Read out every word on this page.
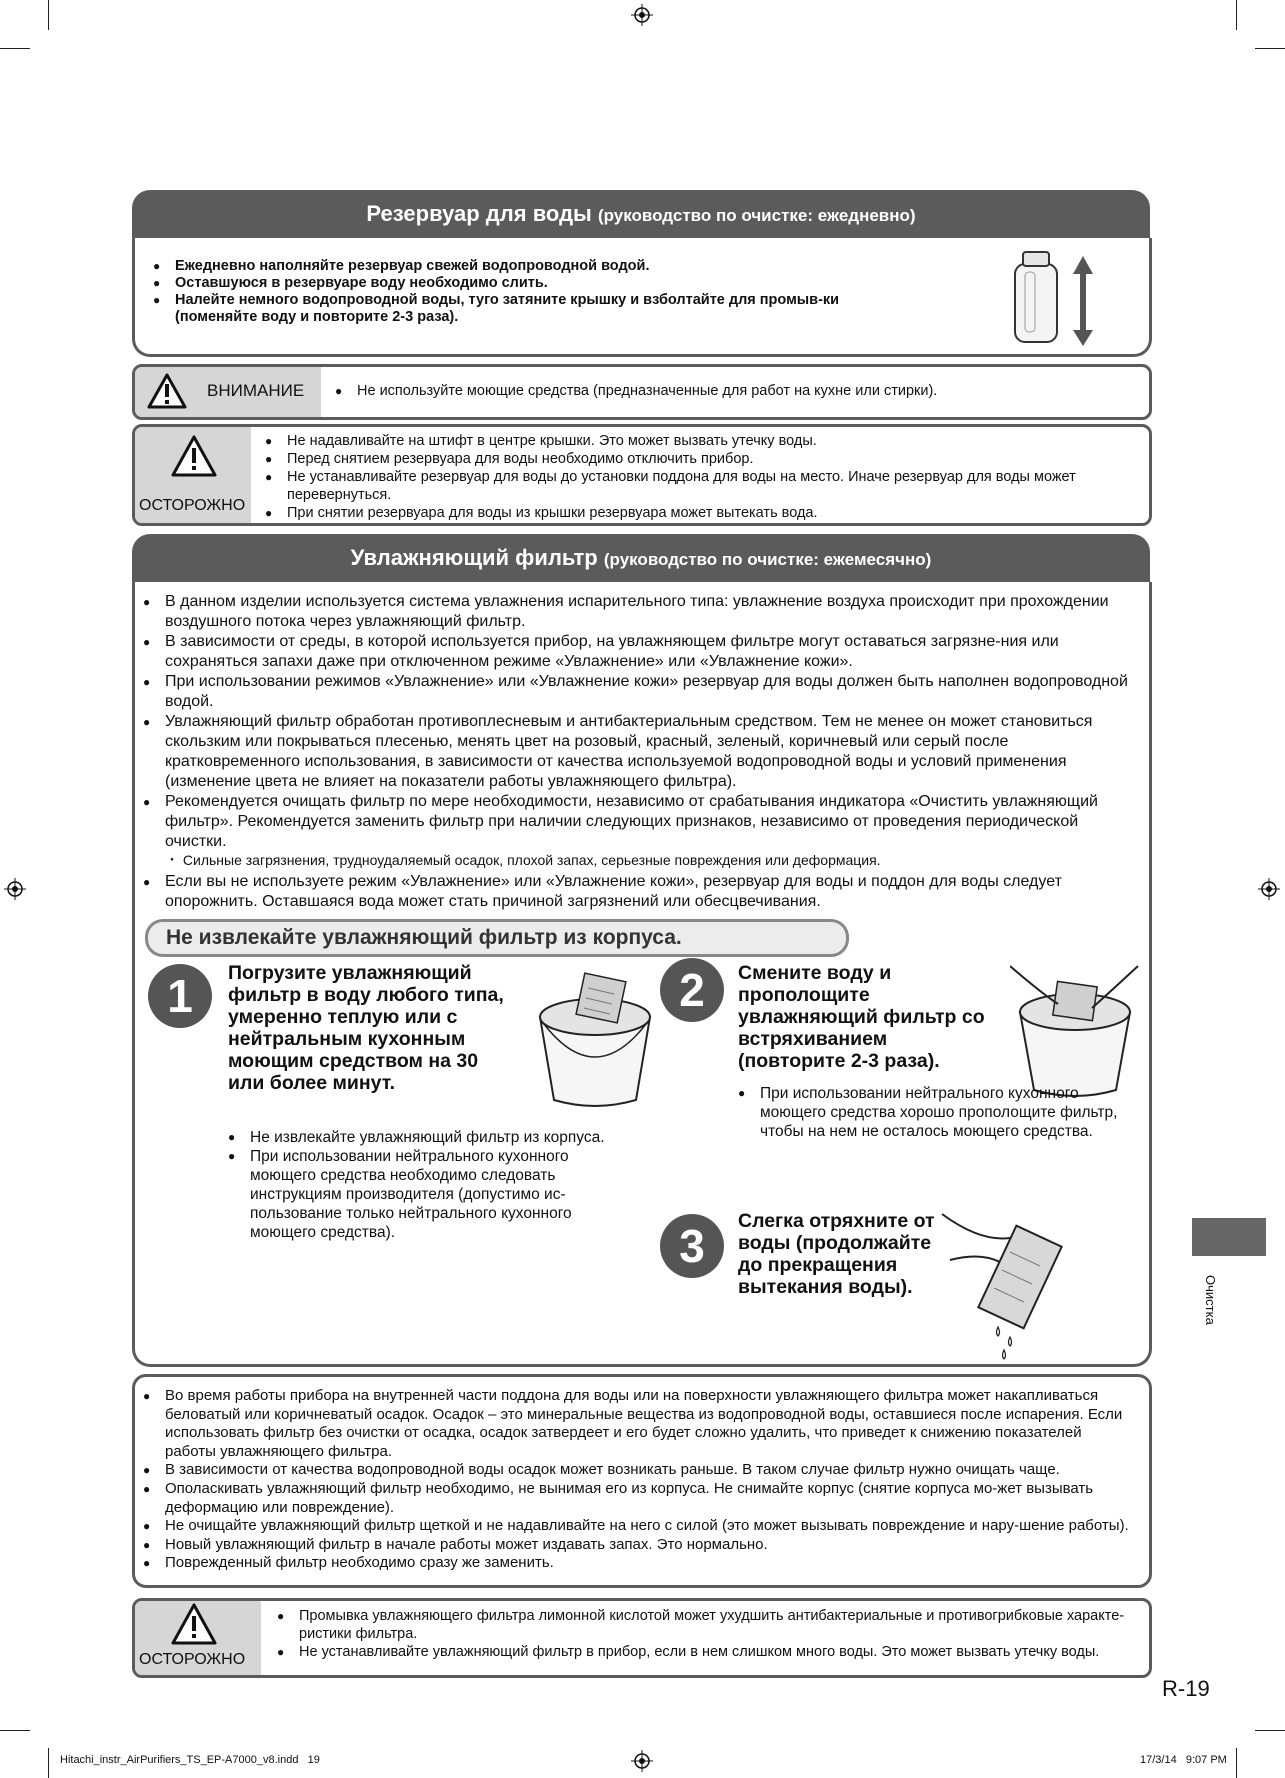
Резервуар для воды (руководство по очистке: ежедневно)
● Ежедневно наполняйте резервуар свежей водопроводной водой.
● Оставшуюся в резервуаре воду необходимо слить.
● Налейте немного водопроводной воды, туго затяните крышку и взболтайте для промыв-ки (поменяйте воду и повторите 2-3 раза).
ВНИМАНИЕ
●	Не используйте моющие средства (предназначенные для работ на кухне или стирки).
ОСТОРОЖНО
● Не надавливайте на штифт в центре крышки. Это может вызвать утечку воды.
● Перед снятием резервуара для воды необходимо отключить прибор.
● Не устанавливайте резервуар для воды до установки поддона для воды на место. Иначе резервуар для воды может перевернуться.
● При снятии резервуара для воды из крышки резервуара может вытекать вода.
Увлажняющий фильтр (руководство по очистке: ежемесячно)
● В данном изделии используется система увлажнения испарительного типа: увлажнение воздуха происходит при прохождении воздушного потока через увлажняющий фильтр.
● В зависимости от среды, в которой используется прибор, на увлажняющем фильтре могут оставаться загрязне-ния или сохраняться запахи даже при отключенном режиме «Увлажнение» или «Увлажнение кожи».
● При использовании режимов «Увлажнение» или «Увлажнение кожи» резервуар для воды должен быть наполнен водопроводной водой.
● Увлажняющий фильтр обработан противоплесневым и антибактериальным средством. Тем не менее он может становиться скользким или покрываться плесенью, менять цвет на розовый, красный, зеленый, коричневый или серый после кратковременного использования, в зависимости от качества используемой водопроводной воды и условий применения (изменение цвета не влияет на показатели работы увлажняющего фильтра).
● Рекомендуется очищать фильтр по мере необходимости, независимо от срабатывания индикатора «Очистить увлажняющий фильтр». Рекомендуется заменить фильтр при наличии следующих признаков, независимо от проведения периодической очистки.
・ Сильные загрязнения, трудноудаляемый осадок, плохой запах, серьезные повреждения или деформация.
● Если вы не используете режим «Увлажнение» или «Увлажнение кожи», резервуар для воды и поддон для воды следует опорожнить. Оставшаяся вода может стать причиной загрязнений или обесцвечивания.
Не извлекайте увлажняющий фильтр из корпуса.
1	Погрузите увлажняющий фильтр в воду любого типа, умеренно теплую или с нейтральным кухонным моющим средством на 30 или более минут.
● Не извлекайте увлажняющий фильтр из корпуса.
● При использовании нейтрального кухонного моющего средства необходимо следовать инструкциям производителя (допустимо ис-пользование только нейтрального кухонного моющего средства).
2	Смените воду и прополощите увлажняющий фильтр со встряхиванием (повторите 2-3 раза).
● При использовании нейтрального кухонного моющего средства хорошо прополощите фильтр, чтобы на нем не осталось моющего средства.
3	Слегка отряхните от воды (продолжайте до прекращения вытекания воды).
● Во время работы прибора на внутренней части поддона для воды или на поверхности увлажняющего фильтра может накапливаться беловатый или коричневатый осадок. Осадок – это минеральные вещества из водопроводной воды, оставшиеся после испарения. Если использовать фильтр без очистки от осадка, осадок затвердеет и его будет сложно удалить, что приведет к снижению показателей работы увлажняющего фильтра.
● В зависимости от качества водопроводной воды осадок может возникать раньше. В таком случае фильтр нужно очищать чаще.
● Ополаскивать увлажняющий фильтр необходимо, не вынимая его из корпуса. Не снимайте корпус (снятие корпуса мо-жет вызывать деформацию или повреждение).
● Не очищайте увлажняющий фильтр щеткой и не надавливайте на него с силой (это может вызывать повреждение и нару-шение работы).
● Новый увлажняющий фильтр в начале работы может издавать запах. Это нормально.
● Поврежденный фильтр необходимо сразу же заменить.
ОСТОРОЖНО
● Промывка увлажняющего фильтра лимонной кислотой может ухудшить антибактериальные и противогрибковые характе-ристики фильтра.
● Не устанавливайте увлажняющий фильтр в прибор, если в нем слишком много воды. Это может вызвать утечку воды.
Очистка
R-19
Hitachi_instr_AirPurifiers_TS_EP-A7000_v8.indd   19	17/3/14   9:07 PM
